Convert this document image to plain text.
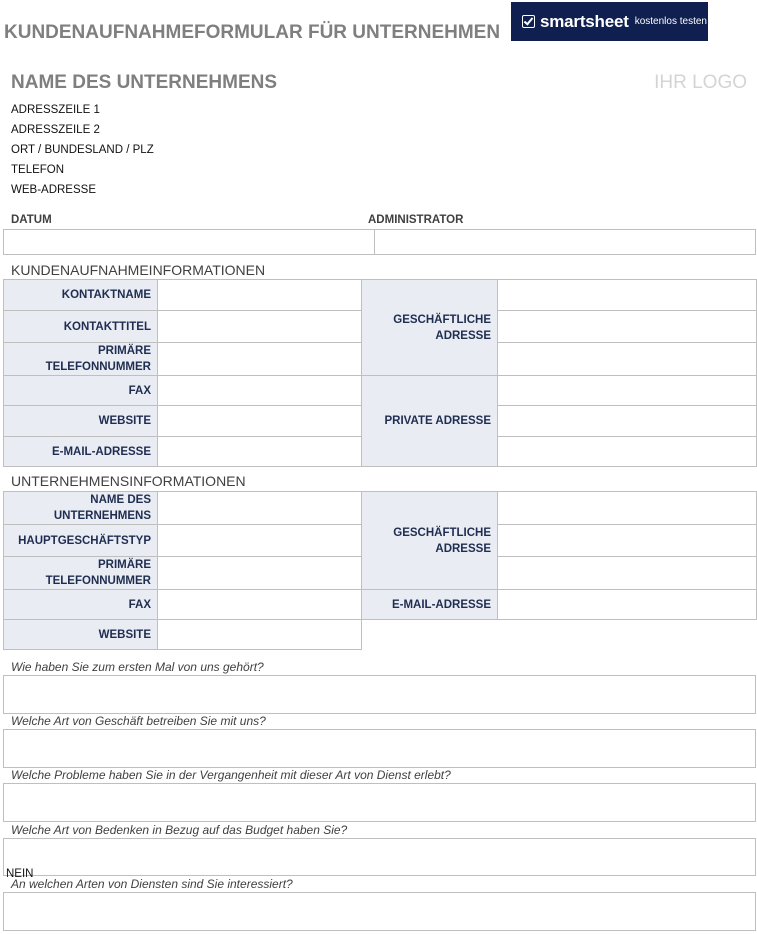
KUNDENAUFNAHMEFORMULAR FÜR UNTERNEHMEN
smartsheet kostenlos testen
NAME DES UNTERNEHMENS	IHR LOGO
ADRESSZEILE 1
ADRESSZEILE 2
ORT / BUNDESLAND / PLZ
TELEFON
WEB-ADRESSE
DATUM	ADMINISTRATOR
KUNDENAUFNAHMEINFORMATIONEN
KONTAKTNAME		GESCHÄFTLICHE ADRESSE	
KONTAKTTITEL			
PRIMÄRE TELEFONNUMMER			
FAX		PRIVATE ADRESSE	
WEBSITE			
E-MAIL-ADRESSE			
UNTERNEHMENSINFORMATIONEN
NAME DES UNTERNEHMENS		GESCHÄFTLICHE ADRESSE	
HAUPTGESCHÄFTSTYP			
PRIMÄRE TELEFONNUMMER			
FAX		E-MAIL-ADRESSE	
WEBSITE			
Wie haben Sie zum ersten Mal von uns gehört?
Welche Art von Geschäft betreiben Sie mit uns?
Welche Probleme haben Sie in der Vergangenheit mit dieser Art von Dienst erlebt?
Welche Art von Bedenken in Bezug auf das Budget haben Sie?
NEIN
An welchen Arten von Diensten sind Sie interessiert?
